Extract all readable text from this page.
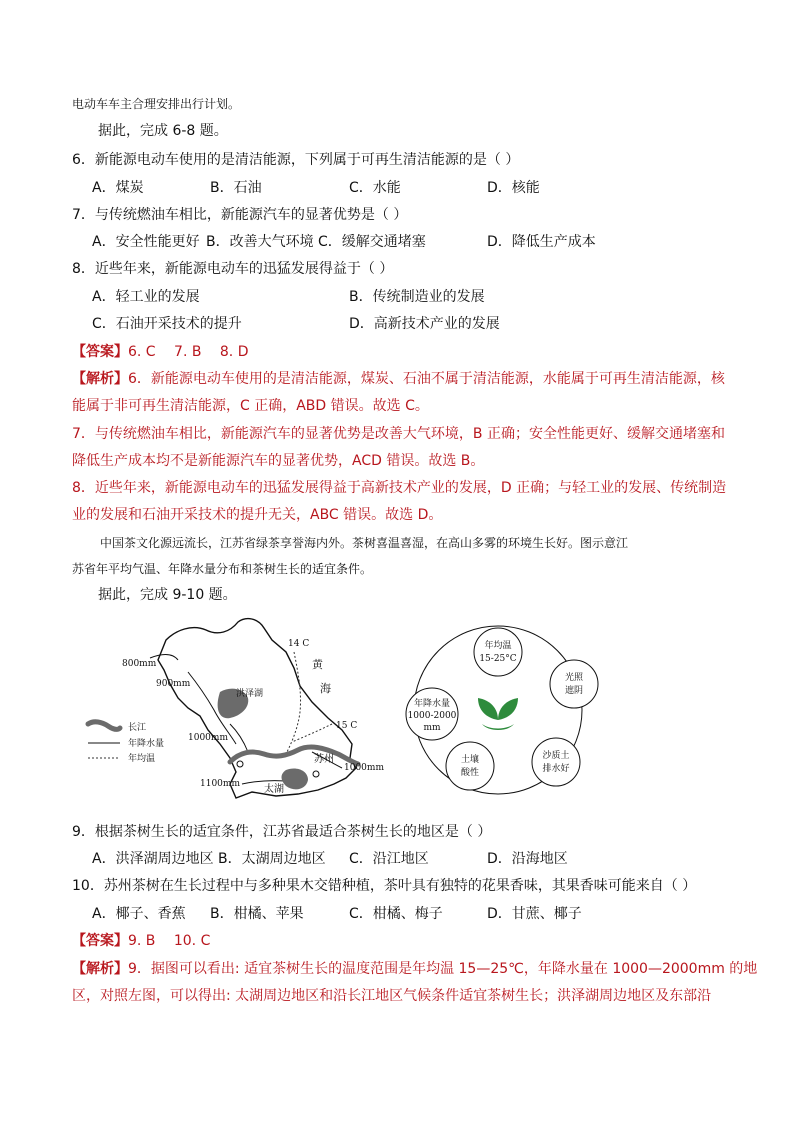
电动车车主合理安排出行计划。
据此，完成 6-8 题。
6．新能源电动车使用的是清洁能源，下列属于可再生清洁能源的是（ ）
A．煤炭	B．石油	C．水能	D．核能
7．与传统燃油车相比，新能源汽车的显著优势是（ ）
A．安全性能更好 B．改善大气环境 C．缓解交通堵塞	D．降低生产成本
8．近些年来，新能源电动车的迅猛发展得益于（ ）
A．轻工业的发展	B．传统制造业的发展
C．石油开采技术的提升	D．高新技术产业的发展
【答案】6. C　 7. B　 8. D
【解析】6．新能源电动车使用的是清洁能源，煤炭、石油不属于清洁能源，水能属于可再生清洁能源，核
能属于非可再生清洁能源，C 正确，ABD 错误。故选 C。
7．与传统燃油车相比，新能源汽车的显著优势是改善大气环境，B 正确；安全性能更好、缓解交通堵塞和
降低生产成本均不是新能源汽车的显著优势，ACD 错误。故选 B。
8．近些年来，新能源电动车的迅猛发展得益于高新技术产业的发展，D 正确；与轻工业的发展、传统制造
业的发展和石油开采技术的提升无关，ABC 错误。故选 D。
中国茶文化源远流长，江苏省绿茶享誉海内外。茶树喜温喜湿，在高山多雾的环境生长好。图示意江
苏省年平均气温、年降水量分布和茶树生长的适宜条件。
据此，完成 9-10 题。
800mm
900mm
1000mm
1100mm
1000mm
14 C
15 C
黄
海
洪泽湖
太湖
苏州
长江
年降水量
年均温
年均温
15-25°C
光照
遮阴
沙质土
排水好
土壤
酸性
年降水量
1000-2000
mm
9．根据茶树生长的适宜条件，江苏省最适合茶树生长的地区是（ ）
A．洪泽湖周边地区 B．太湖周边地区 C．沿江地区	D．沿海地区
10．苏州茶树在生长过程中与多种果木交错种植，茶叶具有独特的花果香味，其果香味可能来自（ ）
A．椰子、香蕉 B．柑橘、苹果	C．柑橘、梅子	D．甘蔗、椰子
【答案】9. B　 10. C
【解析】9．据图可以看出: 适宜茶树生长的温度范围是年均温 15—25℃，年降水量在 1000—2000mm 的地
区，对照左图，可以得出: 太湖周边地区和沿长江地区气候条件适宜茶树生长；洪泽湖周边地区及东部沿
